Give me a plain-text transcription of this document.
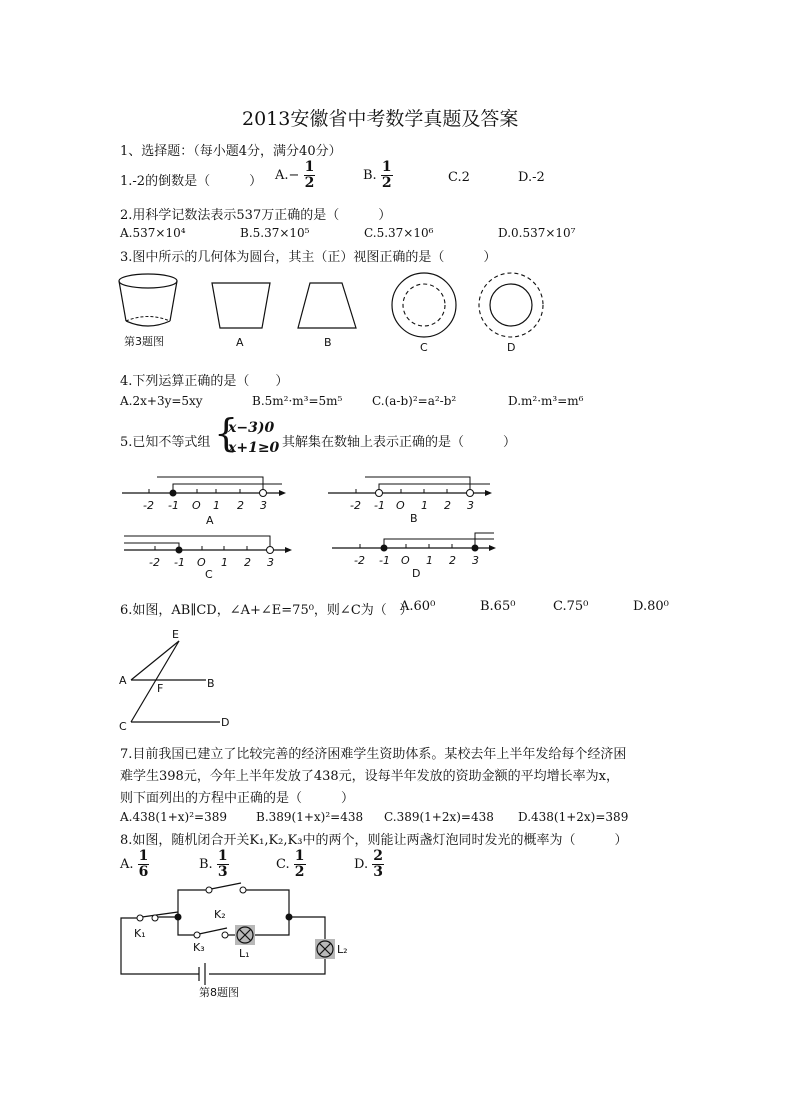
2013安徽省中考数学真题及答案
1、选择题：（每小题4分，满分40分）
1.-2的倒数是（　　　） $A.- \frac{1}{2}$	B. $\frac{1}{2}$	C.2	D.-2
2.用科学记数法表示537万正确的是（　　　）
A.537×10⁴	B.5.37×10⁵	C.5.37×10⁶	D.0.537×10⁷
3.图中所示的几何体为圆台，其主（正）视图正确的是（　　　）
第3题图	A	B	C	D
4.下列运算正确的是（　　）
A.2x+3y=5xy	B.5m²·m³=5m⁵ C.(a-b)²=a²-b²	D.m²·m³=m⁶
5.已知不等式组 {
x−3)0
x+1≥0 其解集在数轴上表示正确的是（　　　）
-2 -1 O 1 2 3
A
-2 -1 O 1 2 3
B
-2 -1 O 1 2 3
C
-2 -1 O 1 2 3
D
6.如图，AB∥CD，∠A+∠E=75⁰，则∠C为（　）
A.60⁰	B.65⁰	C.75⁰	D.80⁰
E
A
F	B
C	D
7.目前我国已建立了比较完善的经济困难学生资助体系。某校去年上半年发给每个经济困
难学生398元，今年上半年发放了438元，设每半年发放的资助金额的平均增长率为x，
则下面列出的方程中正确的是（　　　）
A.438(1+x)²=389 B.389(1+x)²=438 C.389(1+2x)=438 D.438(1+2x)=389
8.如图，随机闭合开关K₁,K₂,K₃中的两个，则能让两盏灯泡同时发光的概率为（　　　）
A. $\frac{1}{6}$	B. $\frac{1}{3}$	C. $\frac{1}{2}$	D. $\frac{2}{3}$
K₁
K₂
K₃	L₁	L₂
第8题图
